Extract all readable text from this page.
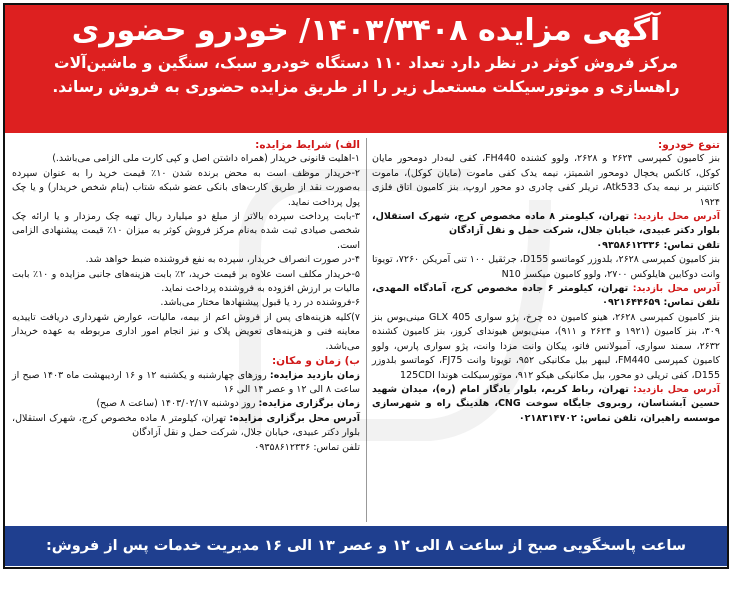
آگهی مزایده ۱۴۰۳/۳۴۰۸/ خودرو حضوری
مرکز فروش کوثر در نظر دارد تعداد ۱۱۰ دستگاه خودرو سبک، سنگین و ماشین‌آلات راهسازی و موتورسیکلت مستعمل زیر را از طریق مزایده حضوری به فروش رساند.

تنوع خودرو:

بنز کامیون کمپرسی ۲۶۲۴ و ۲۶۲۸، ولوو کشنده FH440، کفی لبه‌دار دومحور مایان کوکل، کانکس یخچال دومحور اشمیتز، نیمه یدک کفی ماموت (مایان کوکل)، ماموت کانتینر بر نیمه یدک Atk533، تریلر کفی چادری دو محور اروپ، بنز کامیون اتاق فلزی ۱۹۲۴

آدرس محل بازدید: تهران، کیلومتر ۸ ماده مخصوص کرج، شهرک استقلال، بلوار دکتر عبیدی، خیابان جلال، شرکت حمل و نقل آزادگان

تلفن تماس: ۰۹۳۵۸۶۱۲۳۳۶

بنز کامیون کمپرسی ۲۶۲۸، بلدوزر کوماتسو D155، جرثقیل ۱۰۰ تنی آمریکن ۷۲۶۰، تویوتا وانت دوکابین هایلوکس ۲۷۰۰، ولوو کامیون میکسر N10

آدرس محل بازدید: تهران، کیلومتر ۶ جاده مخصوص کرج، آمادگاه المهدی، تلفن تماس: ۰۹۲۱۶۴۴۶۵۹

بنز کامیون کمپرسی ۲۶۲۸، هینو کامیون ده چرخ، پژو سواری GLX 405 مینی‌بوس بنز ۳۰۹، بنز کامیون (۱۹۲۱ و ۲۶۲۴ و ۹۱۱)، مینی‌بوس هیوندای کروز، بنز کامیون کشنده ۲۶۳۲، سمند سواری، آمبولانس فاتو، پیکان وانت مزدا وانت، پژو سواری پارس، ولوو کامیون کمپرسی FM440، لیبهر بیل مکانیکی ۹۵۲، تویوتا وانت FJ75، کوماتسو بلدوزر D155، کفی تریلی دو محور، بیل مکانیکی هیکو ۹۱۲، موتورسیکلت هوندا 125CDI

آدرس محل بازدید: تهران، رباط کریم، بلوار یادگار امام (ره)، میدان شهید حسین آبشناسان، روبروی جایگاه سوخت CNG، هلدینگ راه و شهرسازی موسسه راهیران، تلفن تماس: ۰۲۱۸۳۱۴۷۰۲

الف) شرایط مزایده:

۱-اهلیت قانونی خریدار (همراه داشتن اصل و کپی کارت ملی الزامی می‌باشد.)

۲-خریدار موظف است به محض برنده شدن ۱۰٪ قیمت خرید را به عنوان سپرده به‌صورت نقد از طریق کارت‌های بانکی عضو شبکه شتاب (بنام شخص خریدار) و یا چک پول پرداخت نماید.

۳-بابت پرداخت سپرده بالاتر از مبلغ دو میلیارد ریال تهیه چک رمزدار و یا ارائه چک شخصی صیادی ثبت شده به‌نام مرکز فروش کوثر به میزان ۱۰٪ قیمت پیشنهادی الزامی است.

۴-در صورت انصراف خریدار، سپرده به نفع فروشنده ضبط خواهد شد.

۵-خریدار مکلف است علاوه بر قیمت خرید، ۲٪ بابت هزینه‌های جانبی مزایده و ۱۰٪ بابت مالیات بر ارزش افزوده به فروشنده پرداخت نماید.

۶-فروشنده در رد یا قبول پیشنهادها مختار می‌باشد.

۷)کلیه هزینه‌های پس از فروش اعم از بیمه، مالیات، عوارض شهرداری دریافت تاییدیه معاینه فنی و هزینه‌های تعویض پلاک و نیز انجام امور اداری مربوطه به عهده خریدار می‌باشد.

ب) زمان و مکان:

زمان بازدید مزایده: روزهای چهارشنبه و یکشنبه ۱۲ و ۱۶ اردیبهشت ماه ۱۴۰۳ صبح از ساعت ۸ الی ۱۲ و عصر ۱۴ الی ۱۶

زمان برگزاری مزایده: روز دوشنبه ۱۴۰۳/۰۲/۱۷ (ساعت ۸ صبح)

آدرس محل برگزاری مزایده: تهران، کیلومتر ۸ ماده مخصوص کرج، شهرک استقلال، بلوار دکتر عبیدی، خیابان جلال، شرکت حمل و نقل آزادگان

تلفن تماس: ۰۹۳۵۸۶۱۲۳۳۶

ساعت پاسخگویی صبح از ساعت ۸ الی ۱۲ و عصر ۱۳ الی ۱۶ مدیریت خدمات پس از فروش: ۷-۰۲۱-۴۴۵۴۹۱۱۶
